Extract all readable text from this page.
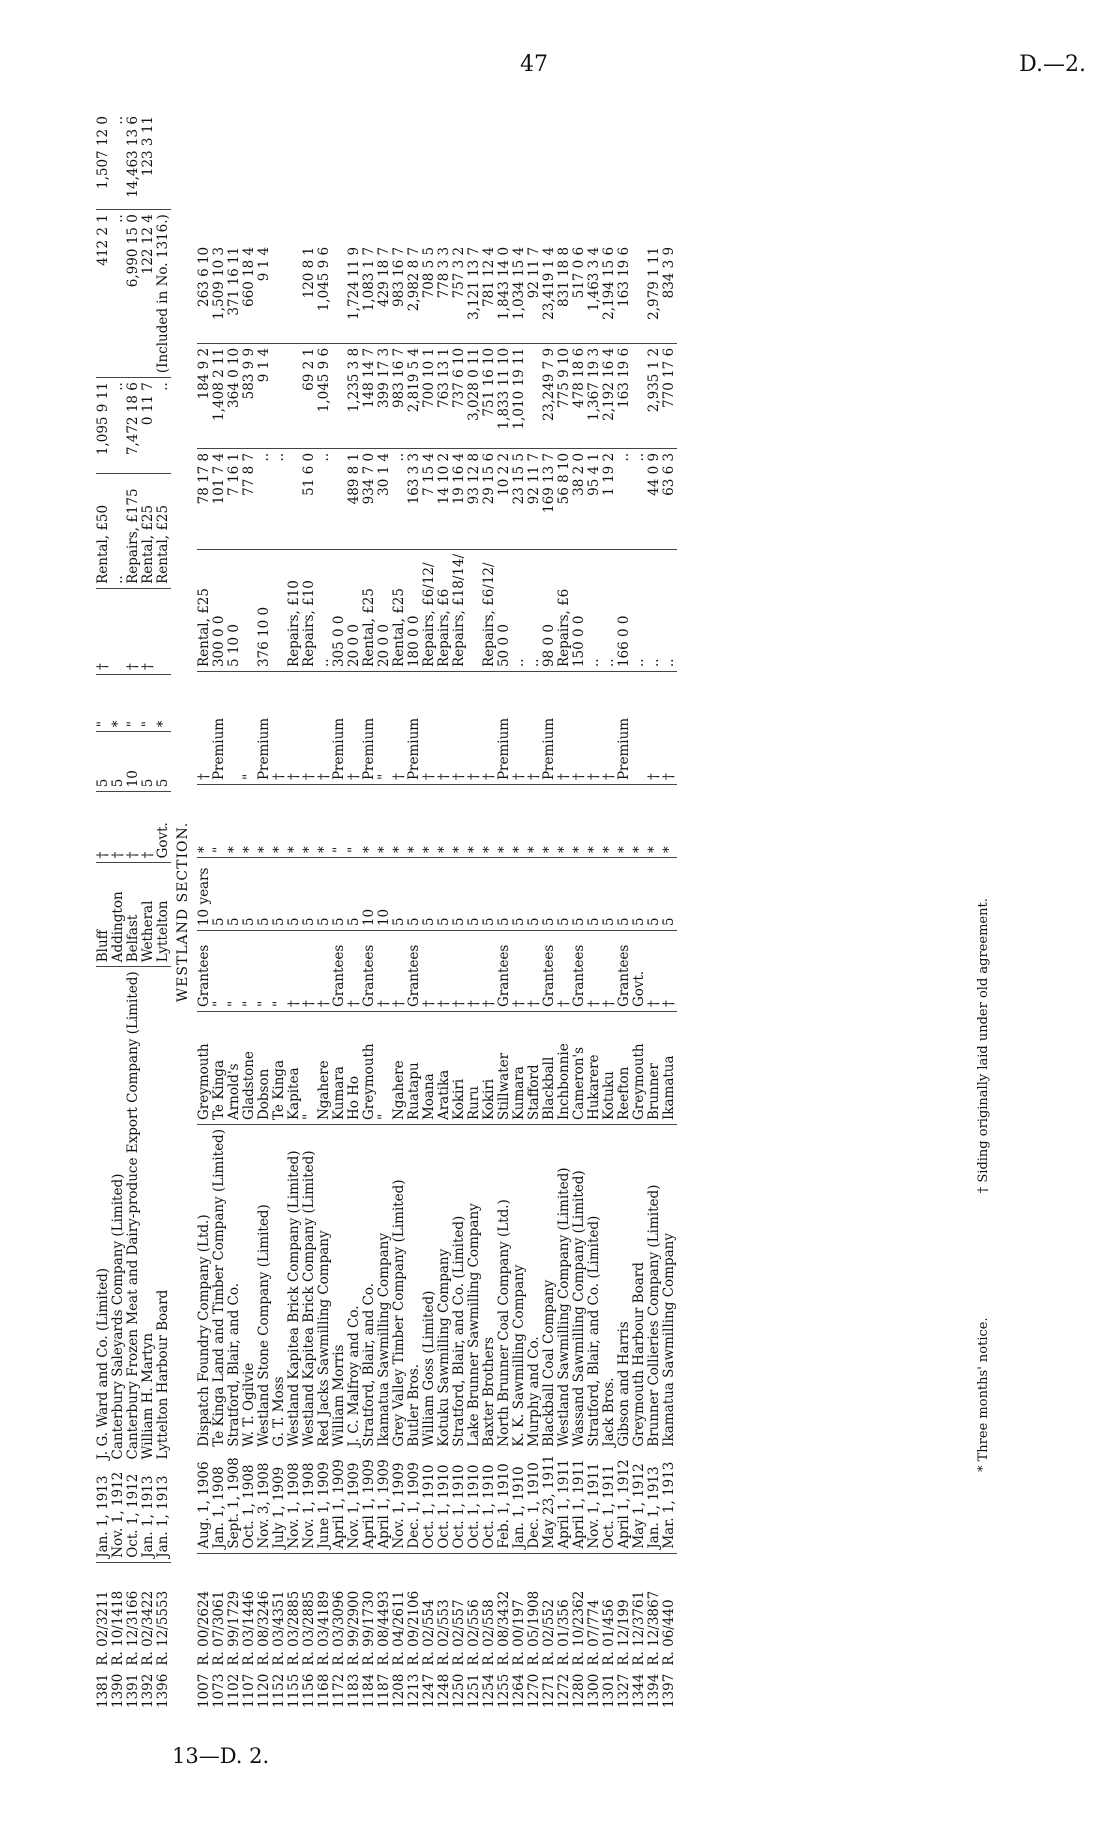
47	D.—2.
1381	R. 02/3211	Jan. 1, 1913	J. G. Ward and Co. (Limited)	Bluff	†	5	"	†	Rental, £50	1,095 9 11	412 2 1	1,507 12 0
1390	R. 10/1418	Nov. 1, 1912	Canterbury Saleyards Company (Limited)	Addington	†	5	*		..	..	..	..
1391	R. 12/3166	Oct. 1, 1912	Canterbury Frozen Meat and Dairy-produce Export Company (Limited)	Belfast	†	10	"	†	Repairs, £175	7,472 18 6	6,990 15 0	14,463 13 6
1392	R. 02/3422	Jan. 1, 1913	William H. Martyn	Wetheral	†	5	"	†	Rental, £25	0 11 7	122 12 4	123 3 11
1396	R. 12/5553	Jan. 1, 1913	Lyttelton Harbour Board	Lyttelton	Govt.	5	*		Rental, £25	..	(Included in No. 1316.)	
WESTLAND SECTION.
1007	R. 00/2624	Aug. 1, 1906	Dispatch Foundry Company (Ltd.)	Greymouth	Grantees	10 years	*	†	Rental, £25	78 17 8	184 9 2	263 6 10
1073	R. 07/3061	Jan. 1, 1908	Te Kinga Land and Timber Company (Limited)	Te Kinga	"	5	"	Premium	300 0 0	101 7 4	1,408 2 11	1,509 10 3
1102	R. 99/1729	Sept. 1, 1908	Stratford, Blair, and Co.	Arnold's	"	5	*		5 10 0	7 16 1	364 0 10	371 16 11
1107	R. 03/1446	Oct. 1, 1908	W. T. Ogilvie	Gladstone	"	5	*	"		77 8 7	583 9 9	660 18 4
1120	R. 08/3246	Nov. 3, 1908	Westland Stone Company (Limited)	Dobson	"	5	*	Premium	376 10 0	..	9 1 4	9 1 4
1152	R. 03/4351	July 1, 1909	G. T. Moss	Te Kinga	"	5	*	†		..		
1155	R. 03/2885	Nov. 1, 1908	Westland Kapitea Brick Company (Limited)	Kapitea	†	5	*	†	Repairs, £10			
1156	R. 03/2885	Nov. 1, 1908	Westland Kapitea Brick Company (Limited)	"	†	5	*	†	Repairs, £10	51 6 0	69 2 1	120 8 1
1168	R. 03/4189	June 1, 1909	Red Jacks Sawmilling Company	Ngahere	†	5	*	†	..	..	1,045 9 6	1,045 9 6
1172	R. 03/3096	April 1, 1909	William Morris	Kumara	Grantees	5	"	Premium	305 0 0			
1183	R. 99/2900	Nov. 1, 1909	J. C. Malfroy and Co.	Ho Ho	†	5	"	†	20 0 0	489 8 1	1,235 3 8	1,724 11 9
1184	R. 99/1730	April 1, 1909	Stratford, Blair, and Co.	Greymouth	Grantees	10	*	Premium	Rental, £25	934 7 0	148 14 7	1,083 1 7
1187	R. 08/4493	April 1, 1909	Ikamatua Sawmilling Company	"	†	10	*	"	20 0 0	30 1 4	399 17 3	429 18 7
1208	R. 04/2611	Nov. 1, 1909	Grey Valley Timber Company (Limited)	Ngahere	†	5	*	†	Rental, £25	..	983 16 7	983 16 7
1213	R. 09/2106	Dec. 1, 1909	Butler Bros.	Ruatapu	Grantees	5	*	Premium	180 0 0	163 3 3	2,819 5 4	2,982 8 7
1247	R. 02/554	Oct. 1, 1910	William Goss (Limited)	Moana	†	5	*	†	Repairs, £6/12/	7 15 4	700 10 1	708 5 5
1248	R. 02/553	Oct. 1, 1910	Kotuku Sawmilling Company	Aratika	†	5	*	†	Repairs, £6	14 10 2	763 13 1	778 3 3
1250	R. 02/557	Oct. 1, 1910	Stratford, Blair, and Co. (Limited)	Kokiri	†	5	*	†	Repairs, £18/14/	19 16 4	737 6 10	757 3 2
1251	R. 02/556	Oct. 1, 1910	Lake Brunner Sawmilling Company	Ruru	†	5	*	†		93 12 8	3,028 0 11	3,121 13 7
1254	R. 02/558	Oct. 1, 1910	Baxter Brothers	Kokiri	†	5	*	†	Repairs, £6/12/	29 15 6	751 16 10	781 12 4
1255	R. 08/3432	Feb. 1, 1910	North Brunner Coal Company (Ltd.)	Stillwater	Grantees	5	*	Premium	50 0 0	10 2 2	1,833 11 10	1,843 14 0
1264	R. 00/197	Jan. 1, 1910	K. K. Sawmilling Company	Kumara	†	5	*	†	..	23 15 5	1,010 19 11	1,034 15 4
1270	R. 05/1908	Dec. 1, 1910	Murphy and Co.	Stafford	†	5	*	†	..	92 11 7		92 11 7
1271	R. 02/552	May 23, 1911	Blackball Coal Company	Blackball	Grantees	5	*	Premium	98 0 0	169 13 7	23,249 7 9	23,419 1 4
1272	R. 01/356	April 1, 1911	Westland Sawmilling Company (Limited)	Inchbonnie	†	5	*	†	Repairs, £6	56 8 10	775 9 10	831 18 8
1280	R. 10/2362	April 1, 1911	Wassand Sawmilling Company (Limited)	Cameron's	Grantees	5	*	†	150 0 0	38 2 0	478 18 6	517 0 6
1300	R. 07/774	Nov. 1, 1911	Stratford, Blair, and Co. (Limited)	Hukarere	†	5	*	†	..	95 4 1	1,367 19 3	1,463 3 4
1301	R. 01/456	Oct. 1, 1911	Jack Bros.	Kotuku	†	5	*	†	..	1 19 2	2,192 16 4	2,194 15 6
1327	R. 12/199	April 1, 1912	Gibson and Harris	Reefton	Grantees	5	*	Premium	166 0 0	..	163 19 6	163 19 6
1344	R. 12/3761	May 1, 1912	Greymouth Harbour Board	Greymouth	Govt.	5	*		..	..		
1394	R. 12/3867	Jan. 1, 1913	Brunner Collieries Company (Limited)	Brunner	†	5	*	†	..	44 0 9	2,935 1 2	2,979 1 11
1397	R. 06/440	Mar. 1, 1913	Ikamatua Sawmilling Company	Ikamatua	†	5	*	†	..	63 6 3	770 17 6	834 3 9
* Three months' notice. † Siding originally laid under old agreement.
13—D. 2.
